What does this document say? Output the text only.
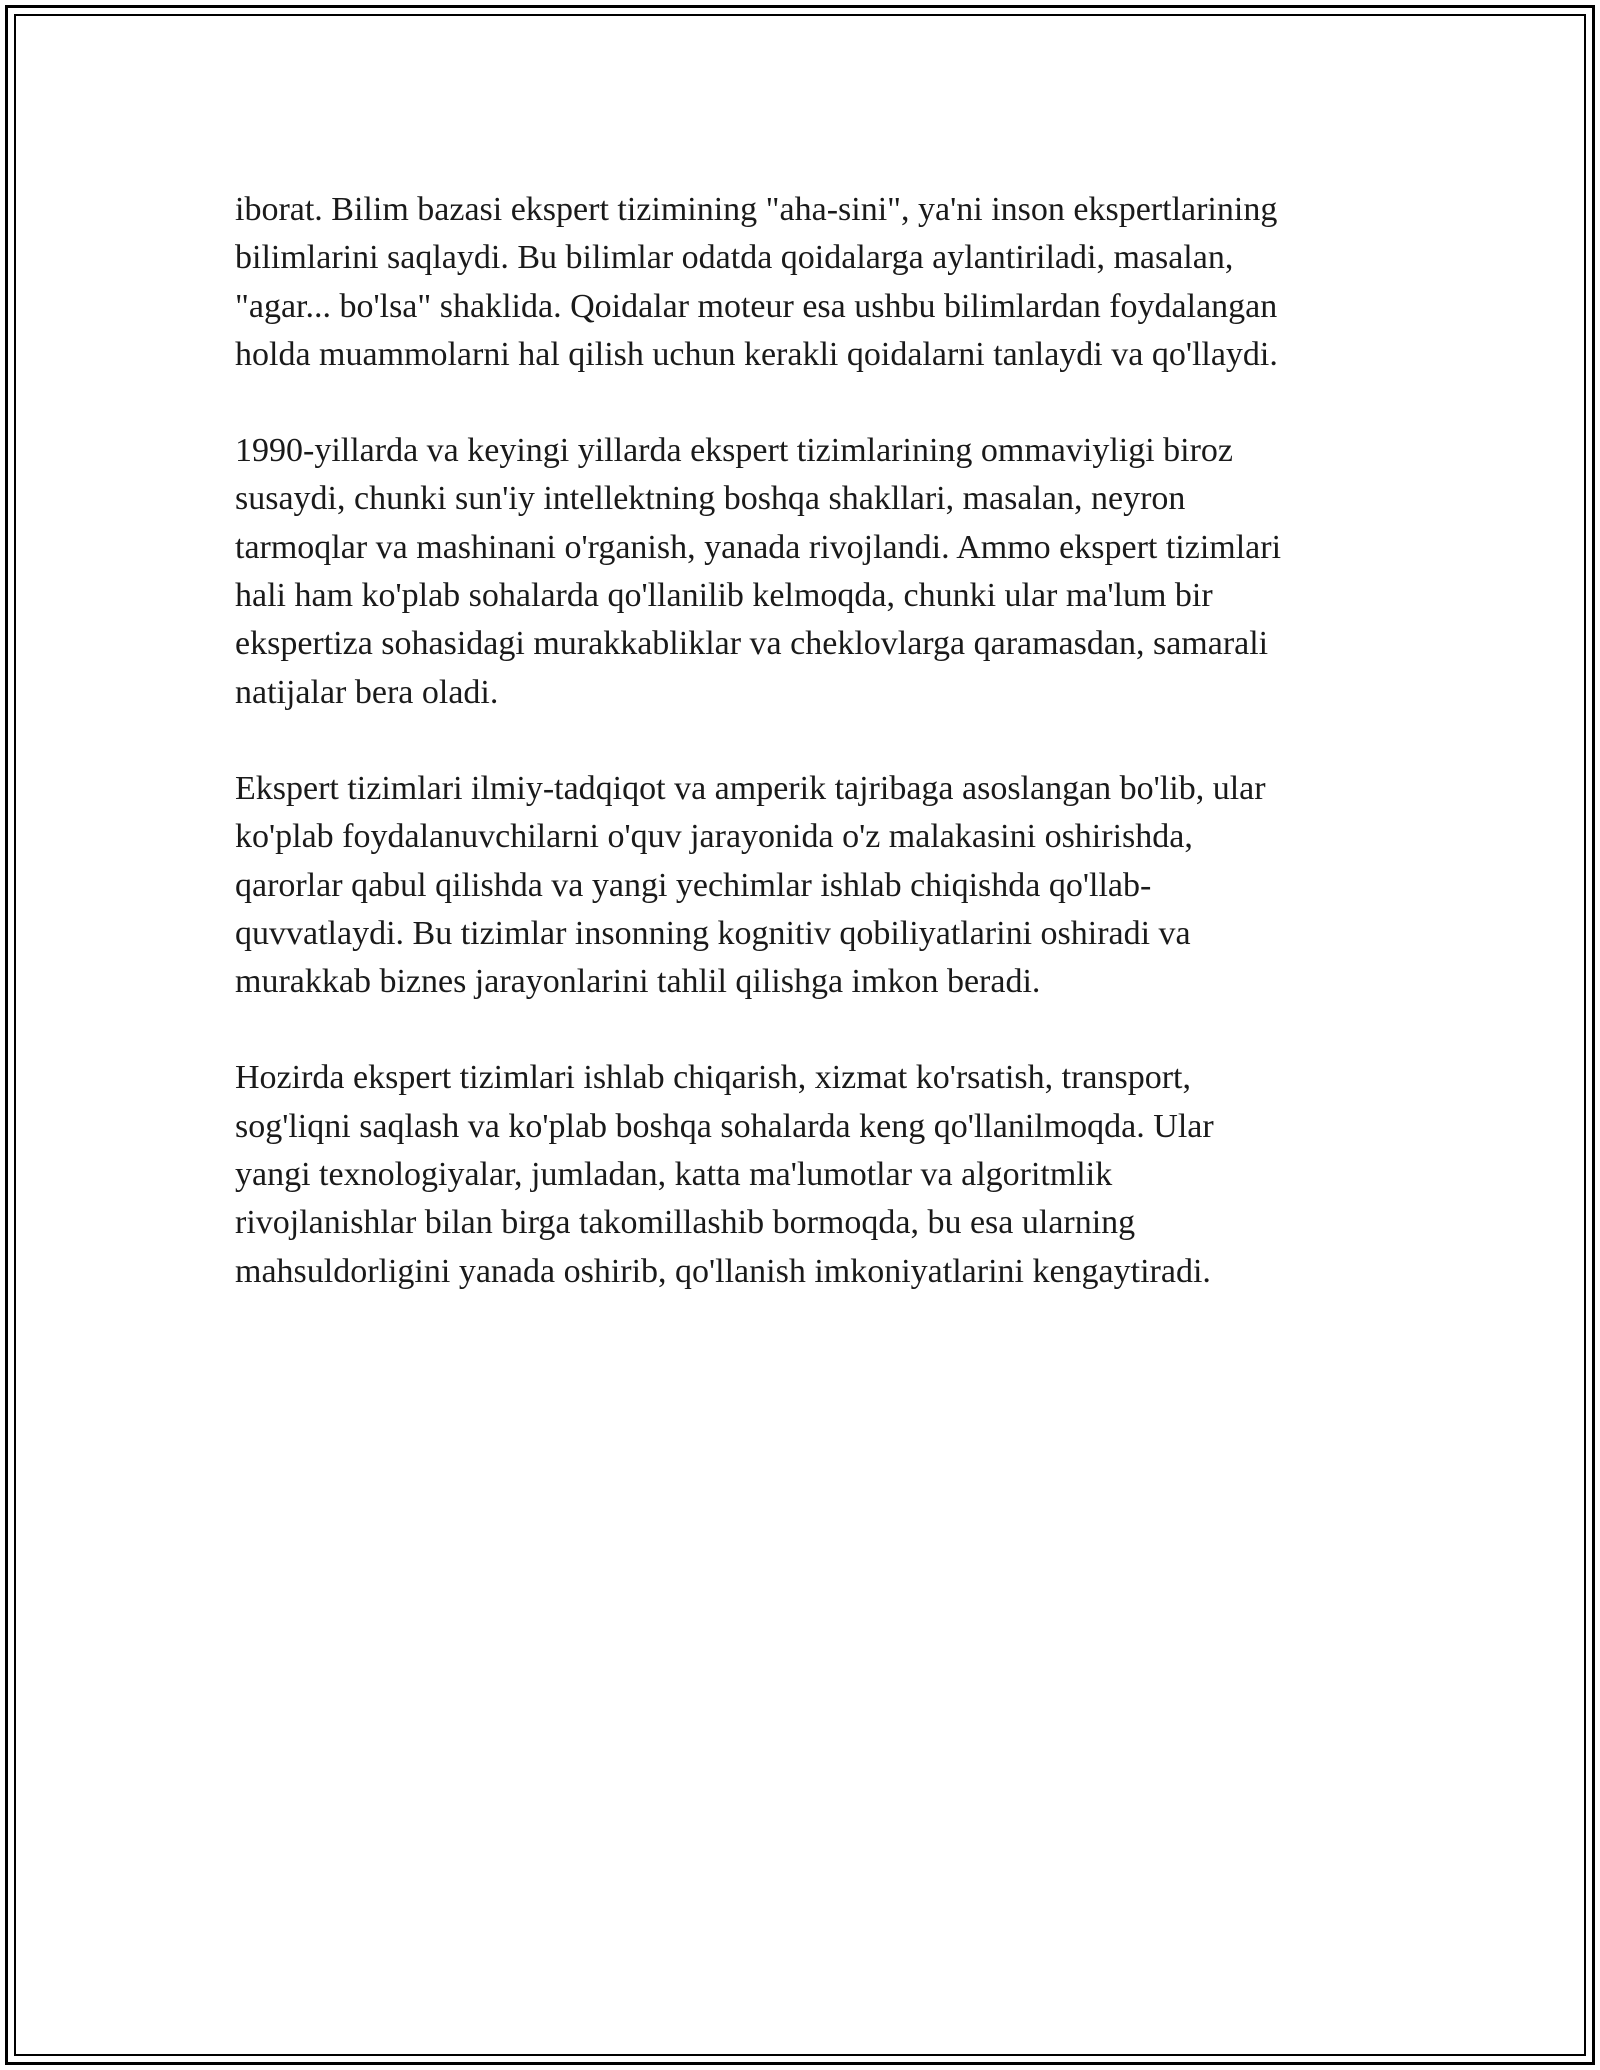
iborat. Bilim bazasi ekspert tizimining "aha-sini", ya'ni inson ekspertlarining
bilimlarini saqlaydi. Bu bilimlar odatda qoidalarga aylantiriladi, masalan,
"agar... bo'lsa" shaklida. Qoidalar moteur esa ushbu bilimlardan foydalangan
holda muammolarni hal qilish uchun kerakli qoidalarni tanlaydi va qo'llaydi.

1990-yillarda va keyingi yillarda ekspert tizimlarining ommaviyligi biroz
susaydi, chunki sun'iy intellektning boshqa shakllari, masalan, neyron
tarmoqlar va mashinani o'rganish, yanada rivojlandi. Ammo ekspert tizimlari
hali ham ko'plab sohalarda qo'llanilib kelmoqda, chunki ular ma'lum bir
ekspertiza sohasidagi murakkabliklar va cheklovlarga qaramasdan, samarali
natijalar bera oladi.

Ekspert tizimlari ilmiy-tadqiqot va amperik tajribaga asoslangan bo'lib, ular
ko'plab foydalanuvchilarni o'quv jarayonida o'z malakasini oshirishda,
qarorlar qabul qilishda va yangi yechimlar ishlab chiqishda qo'llab-
quvvatlaydi. Bu tizimlar insonning kognitiv qobiliyatlarini oshiradi va
murakkab biznes jarayonlarini tahlil qilishga imkon beradi.

Hozirda ekspert tizimlari ishlab chiqarish, xizmat ko'rsatish, transport,
sog'liqni saqlash va ko'plab boshqa sohalarda keng qo'llanilmoqda. Ular
yangi texnologiyalar, jumladan, katta ma'lumotlar va algoritmlik
rivojlanishlar bilan birga takomillashib bormoqda, bu esa ularning
mahsuldorligini yanada oshirib, qo'llanish imkoniyatlarini kengaytiradi.
